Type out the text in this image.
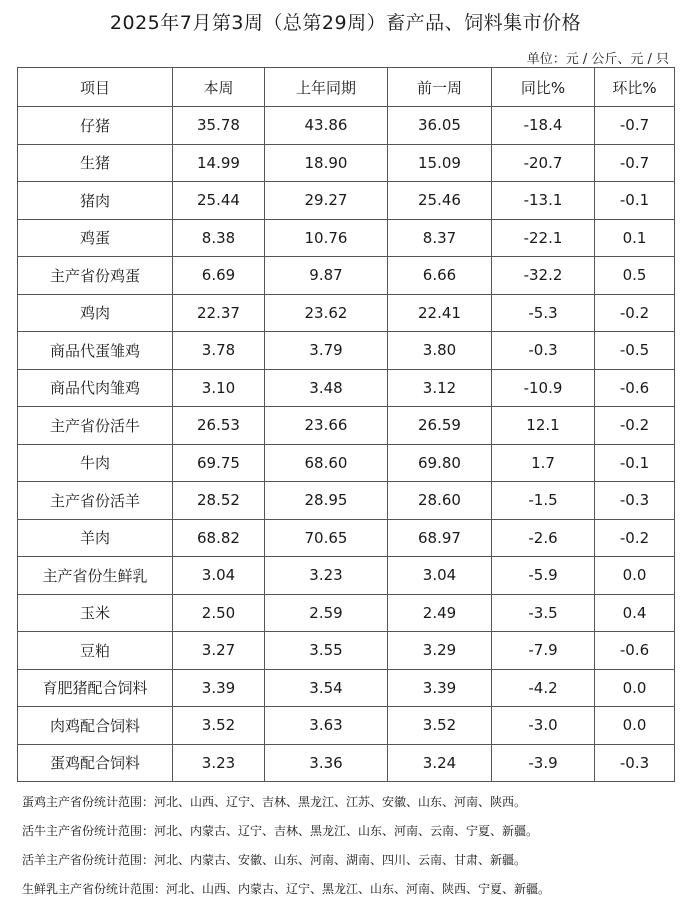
2025年7月第3周（总第29周）畜产品、饲料集市价格
单位：元 / 公斤、元 / 只
项目	本周	上年同期	前一周	同比%	环比%
仔猪	35.78	43.86	36.05	-18.4	-0.7
生猪	14.99	18.90	15.09	-20.7	-0.7
猪肉	25.44	29.27	25.46	-13.1	-0.1
鸡蛋	8.38	10.76	8.37	-22.1	0.1
主产省份鸡蛋	6.69	9.87	6.66	-32.2	0.5
鸡肉	22.37	23.62	22.41	-5.3	-0.2
商品代蛋雏鸡	3.78	3.79	3.80	-0.3	-0.5
商品代肉雏鸡	3.10	3.48	3.12	-10.9	-0.6
主产省份活牛	26.53	23.66	26.59	12.1	-0.2
牛肉	69.75	68.60	69.80	1.7	-0.1
主产省份活羊	28.52	28.95	28.60	-1.5	-0.3
羊肉	68.82	70.65	68.97	-2.6	-0.2
主产省份生鲜乳	3.04	3.23	3.04	-5.9	0.0
玉米	2.50	2.59	2.49	-3.5	0.4
豆粕	3.27	3.55	3.29	-7.9	-0.6
育肥猪配合饲料	3.39	3.54	3.39	-4.2	0.0
肉鸡配合饲料	3.52	3.63	3.52	-3.0	0.0
蛋鸡配合饲料	3.23	3.36	3.24	-3.9	-0.3
蛋鸡主产省份统计范围：河北、山西、辽宁、吉林、黑龙江、江苏、安徽、山东、河南、陕西。
活牛主产省份统计范围：河北、内蒙古、辽宁、吉林、黑龙江、山东、河南、云南、宁夏、新疆。
活羊主产省份统计范围：河北、内蒙古、安徽、山东、河南、湖南、四川、云南、甘肃、新疆。
生鲜乳主产省份统计范围：河北、山西、内蒙古、辽宁、黑龙江、山东、河南、陕西、宁夏、新疆。
